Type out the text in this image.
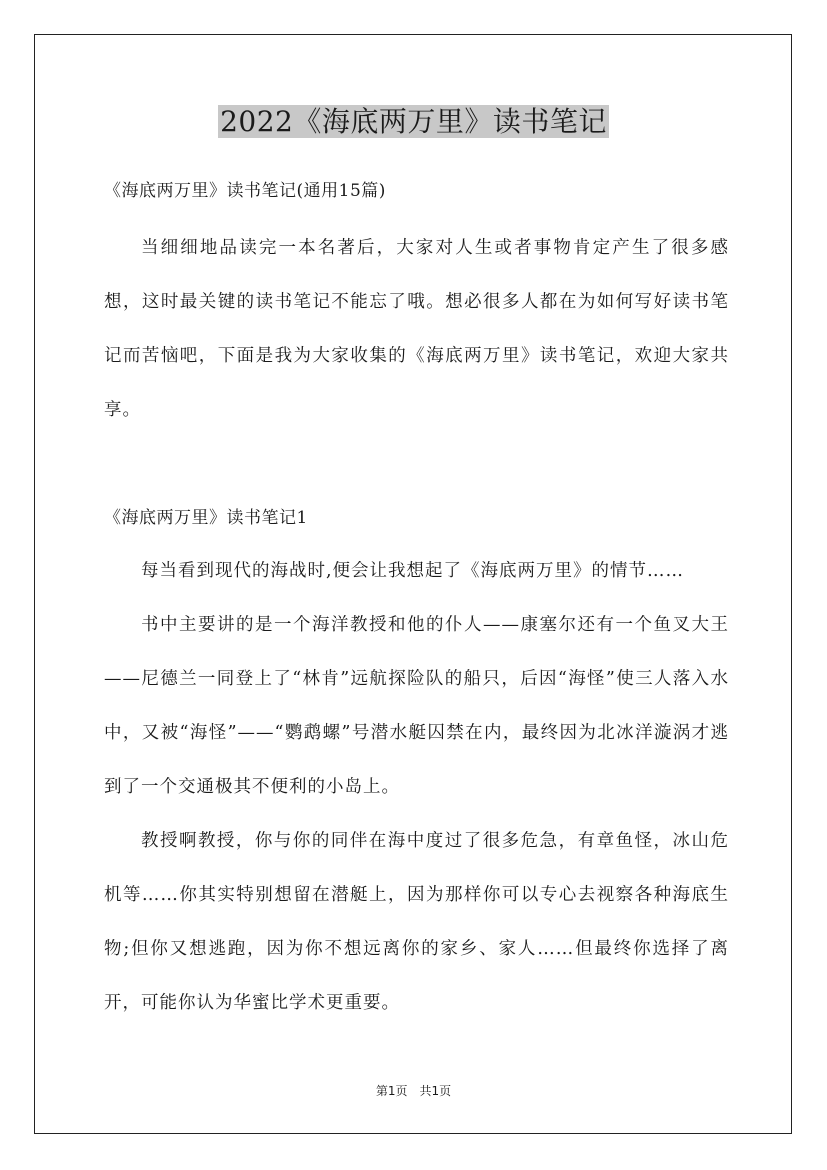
2022《海底两万里》读书笔记
《海底两万里》读书笔记(通用15篇)
当细细地品读完一本名著后，大家对人生或者事物肯定产生了很多感想，这时最关键的读书笔记不能忘了哦。想必很多人都在为如何写好读书笔记而苦恼吧，下面是我为大家收集的《海底两万里》读书笔记，欢迎大家共享。
《海底两万里》读书笔记1
每当看到现代的海战时,便会让我想起了《海底两万里》的情节……
书中主要讲的是一个海洋教授和他的仆人——康塞尔还有一个鱼叉大王——尼德兰一同登上了“林肯”远航探险队的船只，后因“海怪”使三人落入水中，又被“海怪”——“鹦鹉螺”号潜水艇囚禁在内，最终因为北冰洋漩涡才逃到了一个交通极其不便利的小岛上。
教授啊教授，你与你的同伴在海中度过了很多危急，有章鱼怪，冰山危机等……你其实特别想留在潜艇上，因为那样你可以专心去视察各种海底生物;但你又想逃跑，因为你不想远离你的家乡、家人……但最终你选择了离开，可能你认为华蜜比学术更重要。
第1页 共1页
